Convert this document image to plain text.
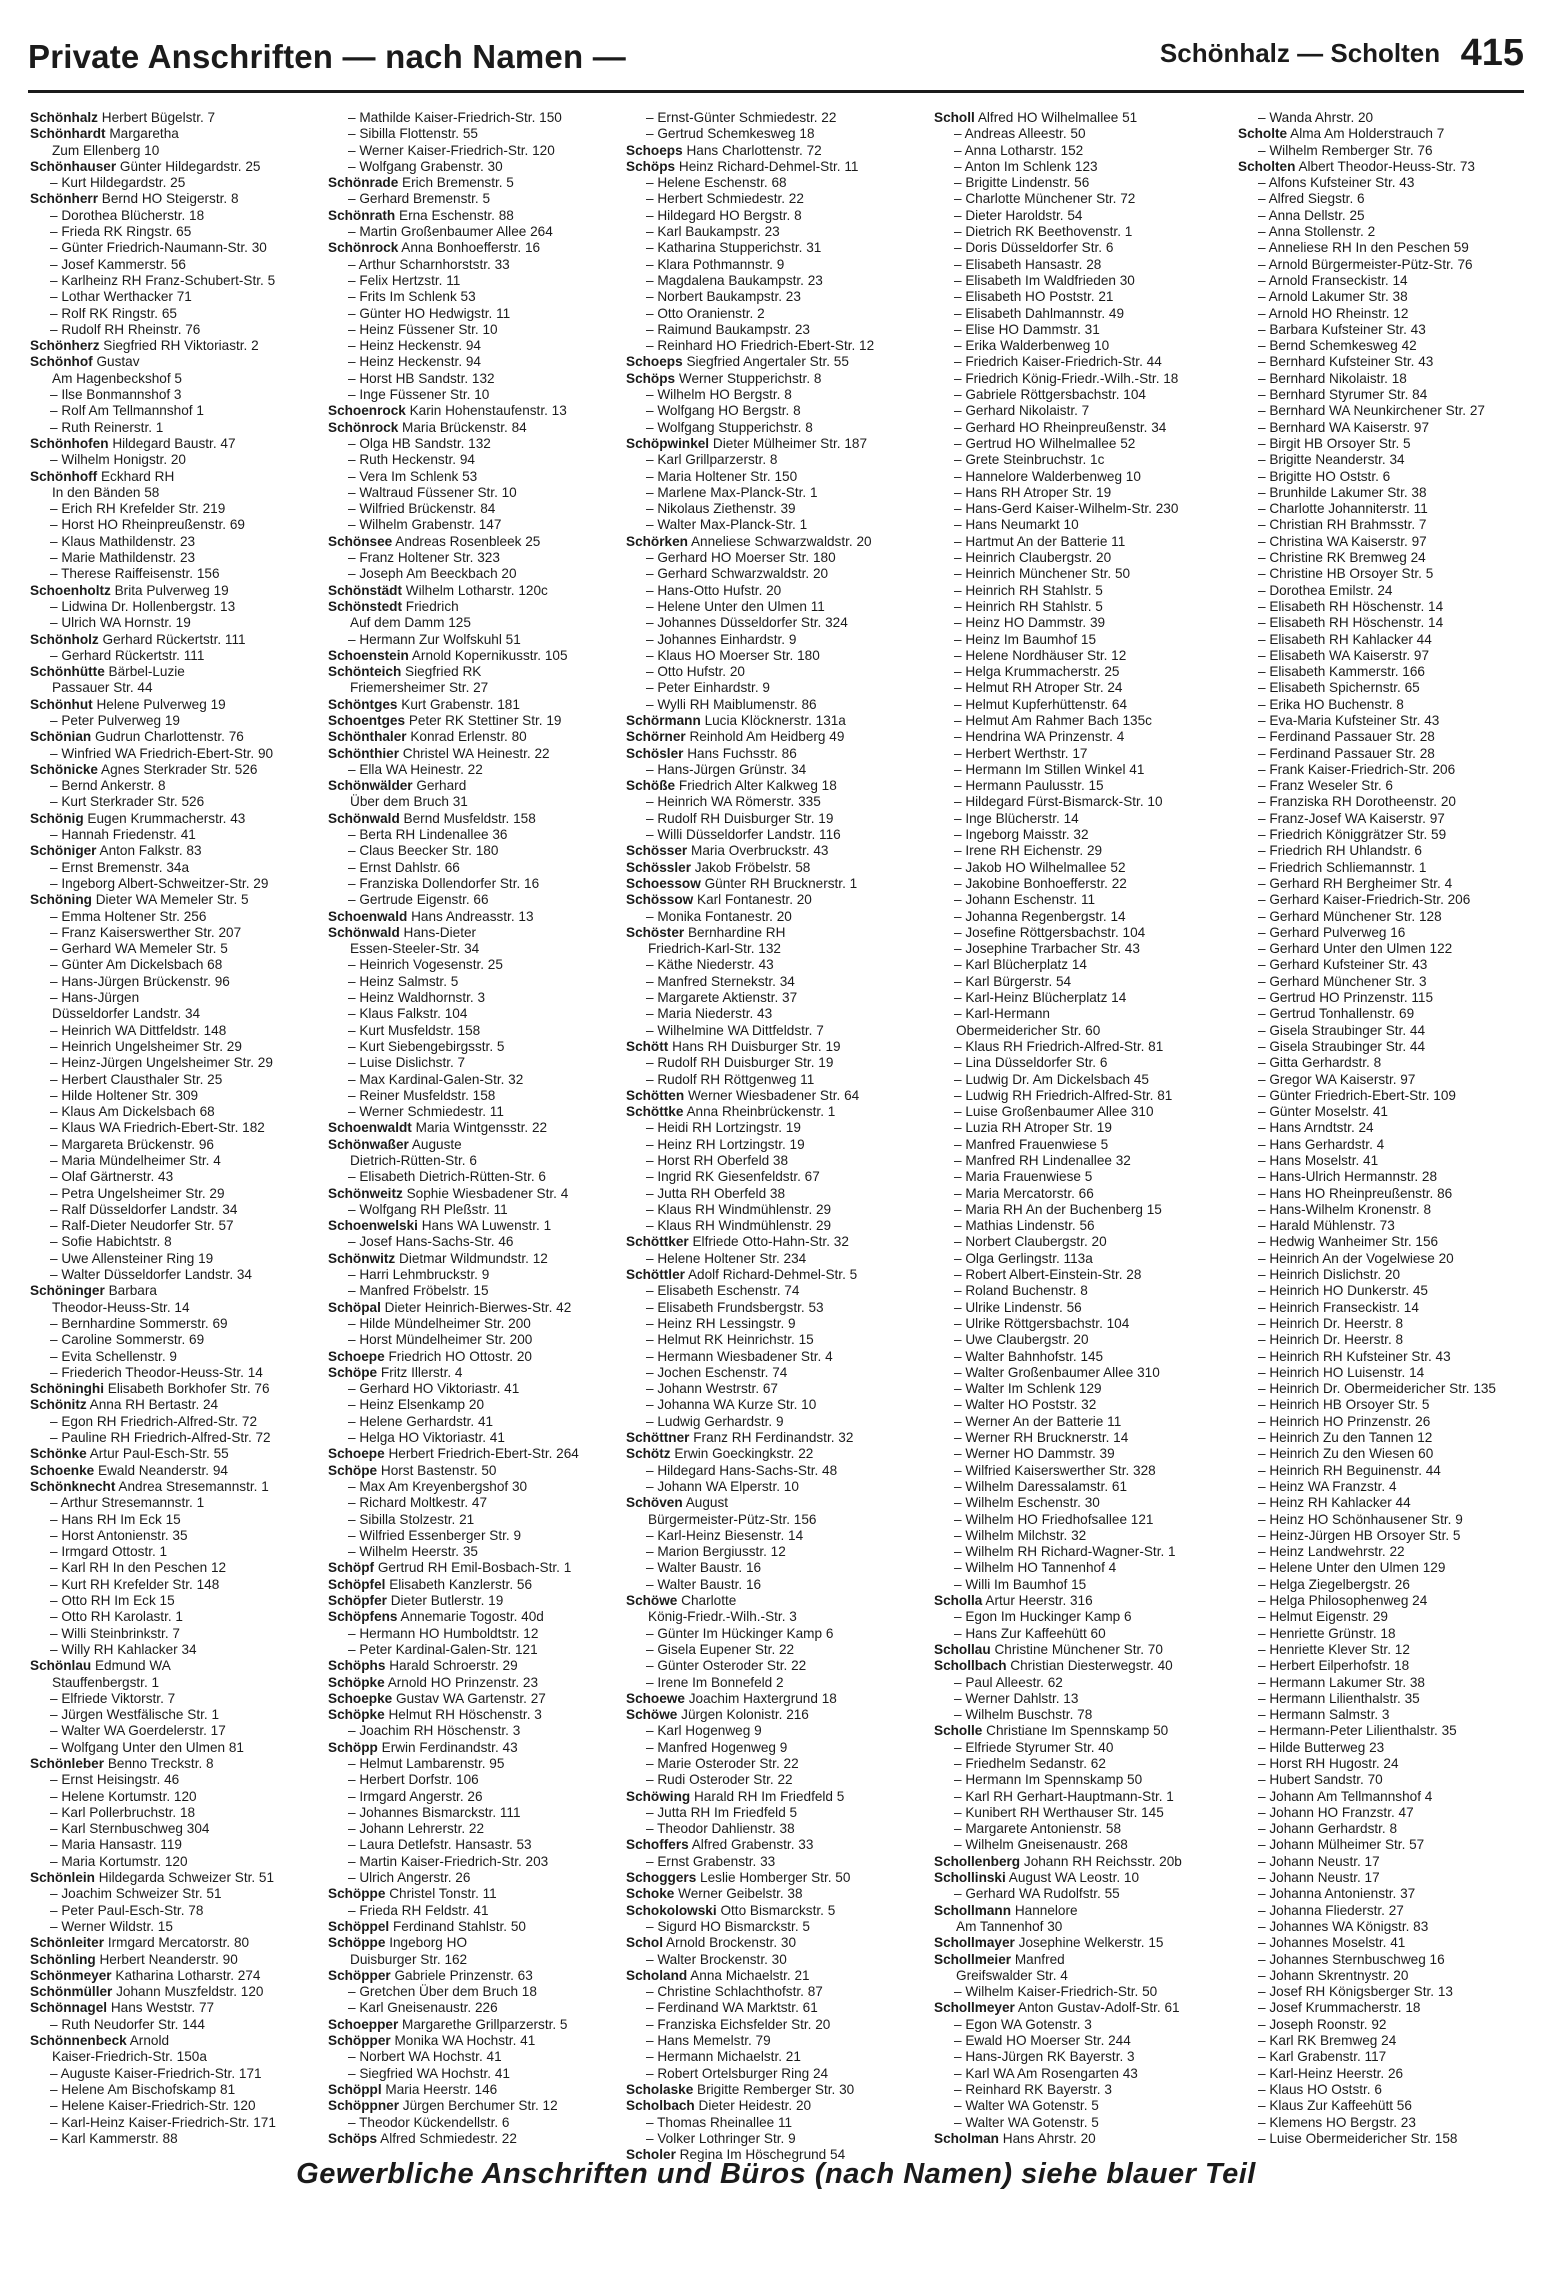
Private Anschriften — nach Namen —	Schönhalz — Scholten 415
Schönhalz Herbert Bügelstr. 7
Schönhardt Margaretha
Zum Ellenberg 10
Schönhauser Günter Hildegardstr. 25
– Kurt Hildegardstr. 25
Schönherr Bernd HO Steigerstr. 8
– Dorothea Blücherstr. 18
– Frieda RK Ringstr. 65
– Günter Friedrich-Naumann-Str. 30
– Josef Kammerstr. 56
– Karlheinz RH Franz-Schubert-Str. 5
– Lothar Werthacker 71
– Rolf RK Ringstr. 65
– Rudolf RH Rheinstr. 76
Schönherz Siegfried RH Viktoriastr. 2
Schönhof Gustav
Am Hagenbeckshof 5
– Ilse Bonmannshof 3
– Rolf Am Tellmannshof 1
– Ruth Reinerstr. 1
Schönhofen Hildegard Baustr. 47
– Wilhelm Honigstr. 20
Schönhoff Eckhard RH
In den Bänden 58
– Erich RH Krefelder Str. 219
– Horst HO Rheinpreußenstr. 69
– Klaus Mathildenstr. 23
– Marie Mathildenstr. 23
– Therese Raiffeisenstr. 156
Schoenholtz Brita Pulverweg 19
– Lidwina Dr. Hollenbergstr. 13
– Ulrich WA Hornstr. 19
Schönholz Gerhard Rückertstr. 111
– Gerhard Rückertstr. 111
Schönhütte Bärbel-Luzie
Passauer Str. 44
Schönhut Helene Pulverweg 19
– Peter Pulverweg 19
Schönian Gudrun Charlottenstr. 76
– Winfried WA Friedrich-Ebert-Str. 90
Schönicke Agnes Sterkrader Str. 526
– Bernd Ankerstr. 8
– Kurt Sterkrader Str. 526
Schönig Eugen Krummacherstr. 43
– Hannah Friedenstr. 41
Schöniger Anton Falkstr. 83
– Ernst Bremenstr. 34a
– Ingeborg Albert-Schweitzer-Str. 29
Schöning Dieter WA Memeler Str. 5
– Emma Holtener Str. 256
– Franz Kaiserswerther Str. 207
– Gerhard WA Memeler Str. 5
– Günter Am Dickelsbach 68
– Hans-Jürgen Brückenstr. 96
– Hans-Jürgen
Düsseldorfer Landstr. 34
– Heinrich WA Dittfeldstr. 148
– Heinrich Ungelsheimer Str. 29
– Heinz-Jürgen Ungelsheimer Str. 29
– Herbert Clausthaler Str. 25
– Hilde Holtener Str. 309
– Klaus Am Dickelsbach 68
– Klaus WA Friedrich-Ebert-Str. 182
– Margareta Brückenstr. 96
– Maria Mündelheimer Str. 4
– Olaf Gärtnerstr. 43
– Petra Ungelsheimer Str. 29
– Ralf Düsseldorfer Landstr. 34
– Ralf-Dieter Neudorfer Str. 57
– Sofie Habichtstr. 8
– Uwe Allensteiner Ring 19
– Walter Düsseldorfer Landstr. 34
Schöninger Barbara
Theodor-Heuss-Str. 14
– Bernhardine Sommerstr. 69
– Caroline Sommerstr. 69
– Evita Schellenstr. 9
– Friederich Theodor-Heuss-Str. 14
Schöninghi Elisabeth Borkhofer Str. 76
Schönitz Anna RH Bertastr. 24
– Egon RH Friedrich-Alfred-Str. 72
– Pauline RH Friedrich-Alfred-Str. 72
Schönke Artur Paul-Esch-Str. 55
Schoenke Ewald Neanderstr. 94
Schönknecht Andrea Stresemannstr. 1
– Arthur Stresemannstr. 1
– Hans RH Im Eck 15
– Horst Antonienstr. 35
– Irmgard Ottostr. 1
– Karl RH In den Peschen 12
– Kurt RH Krefelder Str. 148
– Otto RH Im Eck 15
– Otto RH Karolastr. 1
– Willi Steinbrinkstr. 7
– Willy RH Kahlacker 34
Schönlau Edmund WA
Stauffenbergstr. 1
– Elfriede Viktorstr. 7
– Jürgen Westfälische Str. 1
– Walter WA Goerdelerstr. 17
– Wolfgang Unter den Ulmen 81
Schönleber Benno Treckstr. 8
– Ernst Heisingstr. 46
– Helene Kortumstr. 120
– Karl Pollerbruchstr. 18
– Karl Sternbuschweg 304
– Maria Hansastr. 119
– Maria Kortumstr. 120
Schönlein Hildegarda Schweizer Str. 51
– Joachim Schweizer Str. 51
– Peter Paul-Esch-Str. 78
– Werner Wildstr. 15
Schönleiter Irmgard Mercatorstr. 80
Schönling Herbert Neanderstr. 90
Schönmeyer Katharina Lotharstr. 274
Schönmüller Johann Muszfeldstr. 120
Schönnagel Hans Weststr. 77
– Ruth Neudorfer Str. 144
Schönnenbeck Arnold
Kaiser-Friedrich-Str. 150a
– Auguste Kaiser-Friedrich-Str. 171
– Helene Am Bischofskamp 81
– Helene Kaiser-Friedrich-Str. 120
– Karl-Heinz Kaiser-Friedrich-Str. 171
– Karl Kammerstr. 88
– Mathilde Kaiser-Friedrich-Str. 150
– Sibilla Flottenstr. 55
– Werner Kaiser-Friedrich-Str. 120
– Wolfgang Grabenstr. 30
Schönrade Erich Bremenstr. 5
– Gerhard Bremenstr. 5
Schönrath Erna Eschenstr. 88
– Martin Großenbaumer Allee 264
Schönrock Anna Bonhoefferstr. 16
– Arthur Scharnhorststr. 33
– Felix Hertzstr. 11
– Frits Im Schlenk 53
– Günter HO Hedwigstr. 11
– Heinz Füssener Str. 10
– Heinz Heckenstr. 94
– Heinz Heckenstr. 94
– Horst HB Sandstr. 132
– Inge Füssener Str. 10
Schoenrock Karin Hohenstaufenstr. 13
Schönrock Maria Brückenstr. 84
– Olga HB Sandstr. 132
– Ruth Heckenstr. 94
– Vera Im Schlenk 53
– Waltraud Füssener Str. 10
– Wilfried Brückenstr. 84
– Wilhelm Grabenstr. 147
Schönsee Andreas Rosenbleek 25
– Franz Holtener Str. 323
– Joseph Am Beeckbach 20
Schönstädt Wilhelm Lotharstr. 120c
Schönstedt Friedrich
Auf dem Damm 125
– Hermann Zur Wolfskuhl 51
Schoenstein Arnold Kopernikusstr. 105
Schönteich Siegfried RK
Friemersheimer Str. 27
Schöntges Kurt Grabenstr. 181
Schoentges Peter RK Stettiner Str. 19
Schönthaler Konrad Erlenstr. 80
Schönthier Christel WA Heinestr. 22
– Ella WA Heinestr. 22
Schönwälder Gerhard
Über dem Bruch 31
Schönwald Bernd Musfeldstr. 158
– Berta RH Lindenallee 36
– Claus Beecker Str. 180
– Ernst Dahlstr. 66
– Franziska Dollendorfer Str. 16
– Gertrude Eigenstr. 66
Schoenwald Hans Andreasstr. 13
Schönwald Hans-Dieter
Essen-Steeler-Str. 34
– Heinrich Vogesenstr. 25
– Heinz Salmstr. 5
– Heinz Waldhornstr. 3
– Klaus Falkstr. 104
– Kurt Musfeldstr. 158
– Kurt Siebengebirgsstr. 5
– Luise Dislichstr. 7
– Max Kardinal-Galen-Str. 32
– Reiner Musfeldstr. 158
– Werner Schmiedestr. 11
Schoenwaldt Maria Wintgensstr. 22
Schönwaßer Auguste
Dietrich-Rütten-Str. 6
– Elisabeth Dietrich-Rütten-Str. 6
Schönweitz Sophie Wiesbadener Str. 4
– Wolfgang RH Pleßstr. 11
Schoenwelski Hans WA Luwenstr. 1
– Josef Hans-Sachs-Str. 46
Schönwitz Dietmar Wildmundstr. 12
– Harri Lehmbruckstr. 9
– Manfred Fröbelstr. 15
Schöpal Dieter Heinrich-Bierwes-Str. 42
– Hilde Mündelheimer Str. 200
– Horst Mündelheimer Str. 200
Schoepe Friedrich HO Ottostr. 20
Schöpe Fritz Illerstr. 4
– Gerhard HO Viktoriastr. 41
– Heinz Elsenkamp 20
– Helene Gerhardstr. 41
– Helga HO Viktoriastr. 41
Schoepe Herbert Friedrich-Ebert-Str. 264
Schöpe Horst Bastenstr. 50
– Max Am Kreyenbergshof 30
– Richard Moltkestr. 47
– Sibilla Stolzestr. 21
– Wilfried Essenberger Str. 9
– Wilhelm Heerstr. 35
Schöpf Gertrud RH Emil-Bosbach-Str. 1
Schöpfel Elisabeth Kanzlerstr. 56
Schöpfer Dieter Butlerstr. 19
Schöpfens Annemarie Togostr. 40d
– Hermann HO Humboldtstr. 12
– Peter Kardinal-Galen-Str. 121
Schöphs Harald Schroerstr. 29
Schöpke Arnold HO Prinzenstr. 23
Schoepke Gustav WA Gartenstr. 27
Schöpke Helmut RH Höschenstr. 3
– Joachim RH Höschenstr. 3
Schöpp Erwin Ferdinandstr. 43
– Helmut Lambarenstr. 95
– Herbert Dorfstr. 106
– Irmgard Angerstr. 26
– Johannes Bismarckstr. 111
– Johann Lehrerstr. 22
– Laura Detlefstr. Hansastr. 53
– Martin Kaiser-Friedrich-Str. 203
– Ulrich Angerstr. 26
Schöppe Christel Tonstr. 11
– Frieda RH Feldstr. 41
Schöppel Ferdinand Stahlstr. 50
Schöppe Ingeborg HO
Duisburger Str. 162
Schöpper Gabriele Prinzenstr. 63
– Gretchen Über dem Bruch 18
– Karl Gneisenaustr. 226
Schoepper Margarethe Grillparzerstr. 5
Schöpper Monika WA Hochstr. 41
– Norbert WA Hochstr. 41
– Siegfried WA Hochstr. 41
Schöppl Maria Heerstr. 146
Schöppner Jürgen Berchumer Str. 12
– Theodor Kückendellstr. 6
Schöps Alfred Schmiedestr. 22
– Ernst-Günter Schmiedestr. 22
– Gertrud Schemkesweg 18
Schoeps Hans Charlottenstr. 72
Schöps Heinz Richard-Dehmel-Str. 11
– Helene Eschenstr. 68
– Herbert Schmiedestr. 22
– Hildegard HO Bergstr. 8
– Karl Baukampstr. 23
– Katharina Stupperichstr. 31
– Klara Pothmannstr. 9
– Magdalena Baukampstr. 23
– Norbert Baukampstr. 23
– Otto Oranienstr. 2
– Raimund Baukampstr. 23
– Reinhard HO Friedrich-Ebert-Str. 12
Schoeps Siegfried Angertaler Str. 55
Schöps Werner Stupperichstr. 8
– Wilhelm HO Bergstr. 8
– Wolfgang HO Bergstr. 8
– Wolfgang Stupperichstr. 8
Schöpwinkel Dieter Mülheimer Str. 187
– Karl Grillparzerstr. 8
– Maria Holtener Str. 150
– Marlene Max-Planck-Str. 1
– Nikolaus Ziethenstr. 39
– Walter Max-Planck-Str. 1
Schörken Anneliese Schwarzwaldstr. 20
– Gerhard HO Moerser Str. 180
– Gerhard Schwarzwaldstr. 20
– Hans-Otto Hufstr. 20
– Helene Unter den Ulmen 11
– Johannes Düsseldorfer Str. 324
– Johannes Einhardstr. 9
– Klaus HO Moerser Str. 180
– Otto Hufstr. 20
– Peter Einhardstr. 9
– Wylli RH Maiblumenstr. 86
Schörmann Lucia Klöcknerstr. 131a
Schörner Reinhold Am Heidberg 49
Schösler Hans Fuchsstr. 86
– Hans-Jürgen Grünstr. 34
Schöße Friedrich Alter Kalkweg 18
– Heinrich WA Römerstr. 335
– Rudolf RH Duisburger Str. 19
– Willi Düsseldorfer Landstr. 116
Schösser Maria Overbruckstr. 43
Schössler Jakob Fröbelstr. 58
Schoessow Günter RH Brucknerstr. 1
Schössow Karl Fontanestr. 20
– Monika Fontanestr. 20
Schöster Bernhardine RH
Friedrich-Karl-Str. 132
– Käthe Niederstr. 43
– Manfred Sternekstr. 34
– Margarete Aktienstr. 37
– Maria Niederstr. 43
– Wilhelmine WA Dittfeldstr. 7
Schött Hans RH Duisburger Str. 19
– Rudolf RH Duisburger Str. 19
– Rudolf RH Röttgenweg 11
Schötten Werner Wiesbadener Str. 64
Schöttke Anna Rheinbrückenstr. 1
– Heidi RH Lortzingstr. 19
– Heinz RH Lortzingstr. 19
– Horst RH Oberfeld 38
– Ingrid RK Giesenfeldstr. 67
– Jutta RH Oberfeld 38
– Klaus RH Windmühlenstr. 29
– Klaus RH Windmühlenstr. 29
Schöttker Elfriede Otto-Hahn-Str. 32
– Helene Holtener Str. 234
Schöttler Adolf Richard-Dehmel-Str. 5
– Elisabeth Eschenstr. 74
– Elisabeth Frundsbergstr. 53
– Heinz RH Lessingstr. 9
– Helmut RK Heinrichstr. 15
– Hermann Wiesbadener Str. 4
– Jochen Eschenstr. 74
– Johann Westrstr. 67
– Johanna WA Kurze Str. 10
– Ludwig Gerhardstr. 9
Schöttner Franz RH Ferdinandstr. 32
Schötz Erwin Goeckingkstr. 22
– Hildegard Hans-Sachs-Str. 48
– Johann WA Elperstr. 10
Schöven August
Bürgermeister-Pütz-Str. 156
– Karl-Heinz Biesenstr. 14
– Marion Bergiusstr. 12
– Walter Baustr. 16
– Walter Baustr. 16
Schöwe Charlotte
König-Friedr.-Wilh.-Str. 3
– Günter Im Hückinger Kamp 6
– Gisela Eupener Str. 22
– Günter Osteroder Str. 22
– Irene Im Bonnefeld 2
Schoewe Joachim Haxtergrund 18
Schöwe Jürgen Kolonistr. 216
– Karl Hogenweg 9
– Manfred Hogenweg 9
– Marie Osteroder Str. 22
– Rudi Osteroder Str. 22
Schöwing Harald RH Im Friedfeld 5
– Jutta RH Im Friedfeld 5
– Theodor Dahlienstr. 38
Schoffers Alfred Grabenstr. 33
– Ernst Grabenstr. 33
Schoggers Leslie Homberger Str. 50
Schoke Werner Geibelstr. 38
Schokolowski Otto Bismarckstr. 5
– Sigurd HO Bismarckstr. 5
Schol Arnold Brockenstr. 30
– Walter Brockenstr. 30
Scholand Anna Michaelstr. 21
– Christine Schlachthofstr. 87
– Ferdinand WA Marktstr. 61
– Franziska Eichsfelder Str. 20
– Hans Memelstr. 79
– Hermann Michaelstr. 21
– Robert Ortelsburger Ring 24
Scholaske Brigitte Remberger Str. 30
Scholbach Dieter Heidestr. 20
– Thomas Rheinallee 11
– Volker Lothringer Str. 9
Scholer Regina Im Höschegrund 54
Scholl Alfred HO Wilhelmallee 51
– Andreas Alleestr. 50
– Anna Lotharstr. 152
– Anton Im Schlenk 123
– Brigitte Lindenstr. 56
– Charlotte Münchener Str. 72
– Dieter Haroldstr. 54
– Dietrich RK Beethovenstr. 1
– Doris Düsseldorfer Str. 6
– Elisabeth Hansastr. 28
– Elisabeth Im Waldfrieden 30
– Elisabeth HO Poststr. 21
– Elisabeth Dahlmannstr. 49
– Elise HO Dammstr. 31
– Erika Walderbenweg 10
– Friedrich Kaiser-Friedrich-Str. 44
– Friedrich König-Friedr.-Wilh.-Str. 18
– Gabriele Röttgersbachstr. 104
– Gerhard Nikolaistr. 7
– Gerhard HO Rheinpreußenstr. 34
– Gertrud HO Wilhelmallee 52
– Grete Steinbruchstr. 1c
– Hannelore Walderbenweg 10
– Hans RH Atroper Str. 19
– Hans-Gerd Kaiser-Wilhelm-Str. 230
– Hans Neumarkt 10
– Hartmut An der Batterie 11
– Heinrich Claubergstr. 20
– Heinrich Münchener Str. 50
– Heinrich RH Stahlstr. 5
– Heinrich RH Stahlstr. 5
– Heinz HO Dammstr. 39
– Heinz Im Baumhof 15
– Helene Nordhäuser Str. 12
– Helga Krummacherstr. 25
– Helmut RH Atroper Str. 24
– Helmut Kupferhüttenstr. 64
– Helmut Am Rahmer Bach 135c
– Hendrina WA Prinzenstr. 4
– Herbert Werthstr. 17
– Hermann Im Stillen Winkel 41
– Hermann Paulusstr. 15
– Hildegard Fürst-Bismarck-Str. 10
– Inge Blücherstr. 14
– Ingeborg Maisstr. 32
– Irene RH Eichenstr. 29
– Jakob HO Wilhelmallee 52
– Jakobine Bonhoefferstr. 22
– Johann Eschenstr. 11
– Johanna Regenbergstr. 14
– Josefine Röttgersbachstr. 104
– Josephine Trarbacher Str. 43
– Karl Blücherplatz 14
– Karl Bürgerstr. 54
– Karl-Heinz Blücherplatz 14
– Karl-Hermann
Obermeidericher Str. 60
– Klaus RH Friedrich-Alfred-Str. 81
– Lina Düsseldorfer Str. 6
– Ludwig Dr. Am Dickelsbach 45
– Ludwig RH Friedrich-Alfred-Str. 81
– Luise Großenbaumer Allee 310
– Luzia RH Atroper Str. 19
– Manfred Frauenwiese 5
– Manfred RH Lindenallee 32
– Maria Frauenwiese 5
– Maria Mercatorstr. 66
– Maria RH An der Buchenberg 15
– Mathias Lindenstr. 56
– Norbert Claubergstr. 20
– Olga Gerlingstr. 113a
– Robert Albert-Einstein-Str. 28
– Roland Buchenstr. 8
– Ulrike Lindenstr. 56
– Ulrike Röttgersbachstr. 104
– Uwe Claubergstr. 20
– Walter Bahnhofstr. 145
– Walter Großenbaumer Allee 310
– Walter Im Schlenk 129
– Walter HO Poststr. 32
– Werner An der Batterie 11
– Werner RH Brucknerstr. 14
– Werner HO Dammstr. 39
– Wilfried Kaiserswerther Str. 328
– Wilhelm Daressalamstr. 61
– Wilhelm Eschenstr. 30
– Wilhelm HO Friedhofsallee 121
– Wilhelm Milchstr. 32
– Wilhelm RH Richard-Wagner-Str. 1
– Wilhelm HO Tannenhof 4
– Willi Im Baumhof 15
Scholla Artur Heerstr. 316
– Egon Im Huckinger Kamp 6
– Hans Zur Kaffeehütt 60
Schollau Christine Münchener Str. 70
Schollbach Christian Diesterwegstr. 40
– Paul Alleestr. 62
– Werner Dahlstr. 13
– Wilhelm Buschstr. 78
Scholle Christiane Im Spennskamp 50
– Elfriede Styrumer Str. 40
– Friedhelm Sedanstr. 62
– Hermann Im Spennskamp 50
– Karl RH Gerhart-Hauptmann-Str. 1
– Kunibert RH Werthauser Str. 145
– Margarete Antonienstr. 58
– Wilhelm Gneisenaustr. 268
Schollenberg Johann RH Reichsstr. 20b
Schollinski August WA Leostr. 10
– Gerhard WA Rudolfstr. 55
Schollmann Hannelore
Am Tannenhof 30
Schollmayer Josephine Welkerstr. 15
Schollmeier Manfred
Greifswalder Str. 4
– Wilhelm Kaiser-Friedrich-Str. 50
Schollmeyer Anton Gustav-Adolf-Str. 61
– Egon WA Gotenstr. 3
– Ewald HO Moerser Str. 244
– Hans-Jürgen RK Bayerstr. 3
– Karl WA Am Rosengarten 43
– Reinhard RK Bayerstr. 3
– Walter WA Gotenstr. 5
– Walter WA Gotenstr. 5
Scholman Hans Ahrstr. 20
– Wanda Ahrstr. 20
Scholte Alma Am Holderstrauch 7
– Wilhelm Remberger Str. 76
Scholten Albert Theodor-Heuss-Str. 73
– Alfons Kufsteiner Str. 43
– Alfred Siegstr. 6
– Anna Dellstr. 25
– Anna Stollenstr. 2
– Anneliese RH In den Peschen 59
– Arnold Bürgermeister-Pütz-Str. 76
– Arnold Franseckistr. 14
– Arnold Lakumer Str. 38
– Arnold HO Rheinstr. 12
– Barbara Kufsteiner Str. 43
– Bernd Schemkesweg 42
– Bernhard Kufsteiner Str. 43
– Bernhard Nikolaistr. 18
– Bernhard Styrumer Str. 84
– Bernhard WA Neunkirchener Str. 27
– Bernhard WA Kaiserstr. 97
– Birgit HB Orsoyer Str. 5
– Brigitte Neanderstr. 34
– Brigitte HO Oststr. 6
– Brunhilde Lakumer Str. 38
– Charlotte Johanniterstr. 11
– Christian RH Brahmsstr. 7
– Christina WA Kaiserstr. 97
– Christine RK Bremweg 24
– Christine HB Orsoyer Str. 5
– Dorothea Emilstr. 24
– Elisabeth RH Höschenstr. 14
– Elisabeth RH Höschenstr. 14
– Elisabeth RH Kahlacker 44
– Elisabeth WA Kaiserstr. 97
– Elisabeth Kammerstr. 166
– Elisabeth Spichernstr. 65
– Erika HO Buchenstr. 8
– Eva-Maria Kufsteiner Str. 43
– Ferdinand Passauer Str. 28
– Ferdinand Passauer Str. 28
– Frank Kaiser-Friedrich-Str. 206
– Franz Weseler Str. 6
– Franziska RH Dorotheenstr. 20
– Franz-Josef WA Kaiserstr. 97
– Friedrich Königgrätzer Str. 59
– Friedrich RH Uhlandstr. 6
– Friedrich Schliemannstr. 1
– Gerhard RH Bergheimer Str. 4
– Gerhard Kaiser-Friedrich-Str. 206
– Gerhard Münchener Str. 128
– Gerhard Pulverweg 16
– Gerhard Unter den Ulmen 122
– Gerhard Kufsteiner Str. 43
– Gerhard Münchener Str. 3
– Gertrud HO Prinzenstr. 115
– Gertrud Tonhallenstr. 69
– Gisela Straubinger Str. 44
– Gisela Straubinger Str. 44
– Gitta Gerhardstr. 8
– Gregor WA Kaiserstr. 97
– Günter Friedrich-Ebert-Str. 109
– Günter Moselstr. 41
– Hans Arndtstr. 24
– Hans Gerhardstr. 4
– Hans Moselstr. 41
– Hans-Ulrich Hermannstr. 28
– Hans HO Rheinpreußenstr. 86
– Hans-Wilhelm Kronenstr. 8
– Harald Mühlenstr. 73
– Hedwig Wanheimer Str. 156
– Heinrich An der Vogelwiese 20
– Heinrich Dislichstr. 20
– Heinrich HO Dunkerstr. 45
– Heinrich Franseckistr. 14
– Heinrich Dr. Heerstr. 8
– Heinrich Dr. Heerstr. 8
– Heinrich RH Kufsteiner Str. 43
– Heinrich HO Luisenstr. 14
– Heinrich Dr. Obermeidericher Str. 135
– Heinrich HB Orsoyer Str. 5
– Heinrich HO Prinzenstr. 26
– Heinrich Zu den Tannen 12
– Heinrich Zu den Wiesen 60
– Heinrich RH Beguinenstr. 44
– Heinz WA Franzstr. 4
– Heinz RH Kahlacker 44
– Heinz HO Schönhausener Str. 9
– Heinz-Jürgen HB Orsoyer Str. 5
– Heinz Landwehrstr. 22
– Helene Unter den Ulmen 129
– Helga Ziegelbergstr. 26
– Helga Philosophenweg 24
– Helmut Eigenstr. 29
– Henriette Grünstr. 18
– Henriette Klever Str. 12
– Herbert Eilperhofstr. 18
– Hermann Lakumer Str. 38
– Hermann Lilienthalstr. 35
– Hermann Salmstr. 3
– Hermann-Peter Lilienthalstr. 35
– Hilde Butterweg 23
– Horst RH Hugostr. 24
– Hubert Sandstr. 70
– Johann Am Tellmannshof 4
– Johann HO Franzstr. 47
– Johann Gerhardstr. 8
– Johann Mülheimer Str. 57
– Johann Neustr. 17
– Johann Neustr. 17
– Johanna Antonienstr. 37
– Johanna Fliederstr. 27
– Johannes WA Königstr. 83
– Johannes Moselstr. 41
– Johannes Sternbuschweg 16
– Johann Skrentnystr. 20
– Josef RH Königsberger Str. 13
– Josef Krummacherstr. 18
– Joseph Roonstr. 92
– Karl RK Bremweg 24
– Karl Grabenstr. 117
– Karl-Heinz Heerstr. 26
– Klaus HO Oststr. 6
– Klaus Zur Kaffeehütt 56
– Klemens HO Bergstr. 23
– Luise Obermeidericher Str. 158
Gewerbliche Anschriften und Büros (nach Namen) siehe blauer Teil
